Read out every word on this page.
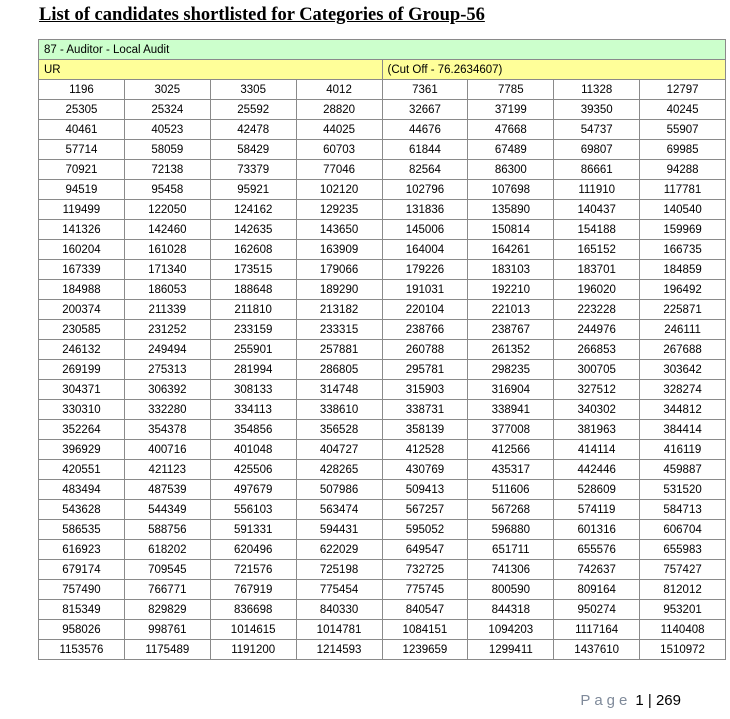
List of candidates shortlisted for Categories of Group-56
87 - Auditor - Local Audit							
UR				(Cut Off - 76.2634607)			
1196	3025	3305	4012	7361	7785	11328	12797
25305	25324	25592	28820	32667	37199	39350	40245
40461	40523	42478	44025	44676	47668	54737	55907
57714	58059	58429	60703	61844	67489	69807	69985
70921	72138	73379	77046	82564	86300	86661	94288
94519	95458	95921	102120	102796	107698	111910	117781
119499	122050	124162	129235	131836	135890	140437	140540
141326	142460	142635	143650	145006	150814	154188	159969
160204	161028	162608	163909	164004	164261	165152	166735
167339	171340	173515	179066	179226	183103	183701	184859
184988	186053	188648	189290	191031	192210	196020	196492
200374	211339	211810	213182	220104	221013	223228	225871
230585	231252	233159	233315	238766	238767	244976	246111
246132	249494	255901	257881	260788	261352	266853	267688
269199	275313	281994	286805	295781	298235	300705	303642
304371	306392	308133	314748	315903	316904	327512	328274
330310	332280	334113	338610	338731	338941	340302	344812
352264	354378	354856	356528	358139	377008	381963	384414
396929	400716	401048	404727	412528	412566	414114	416119
420551	421123	425506	428265	430769	435317	442446	459887
483494	487539	497679	507986	509413	511606	528609	531520
543628	544349	556103	563474	567257	567268	574119	584713
586535	588756	591331	594431	595052	596880	601316	606704
616923	618202	620496	622029	649547	651711	655576	655983
679174	709545	721576	725198	732725	741306	742637	757427
757490	766771	767919	775454	775745	800590	809164	812012
815349	829829	836698	840330	840547	844318	950274	953201
958026	998761	1014615	1014781	1084151	1094203	1117164	1140408
1153576	1175489	1191200	1214593	1239659	1299411	1437610	1510972
Page 1 | 269
